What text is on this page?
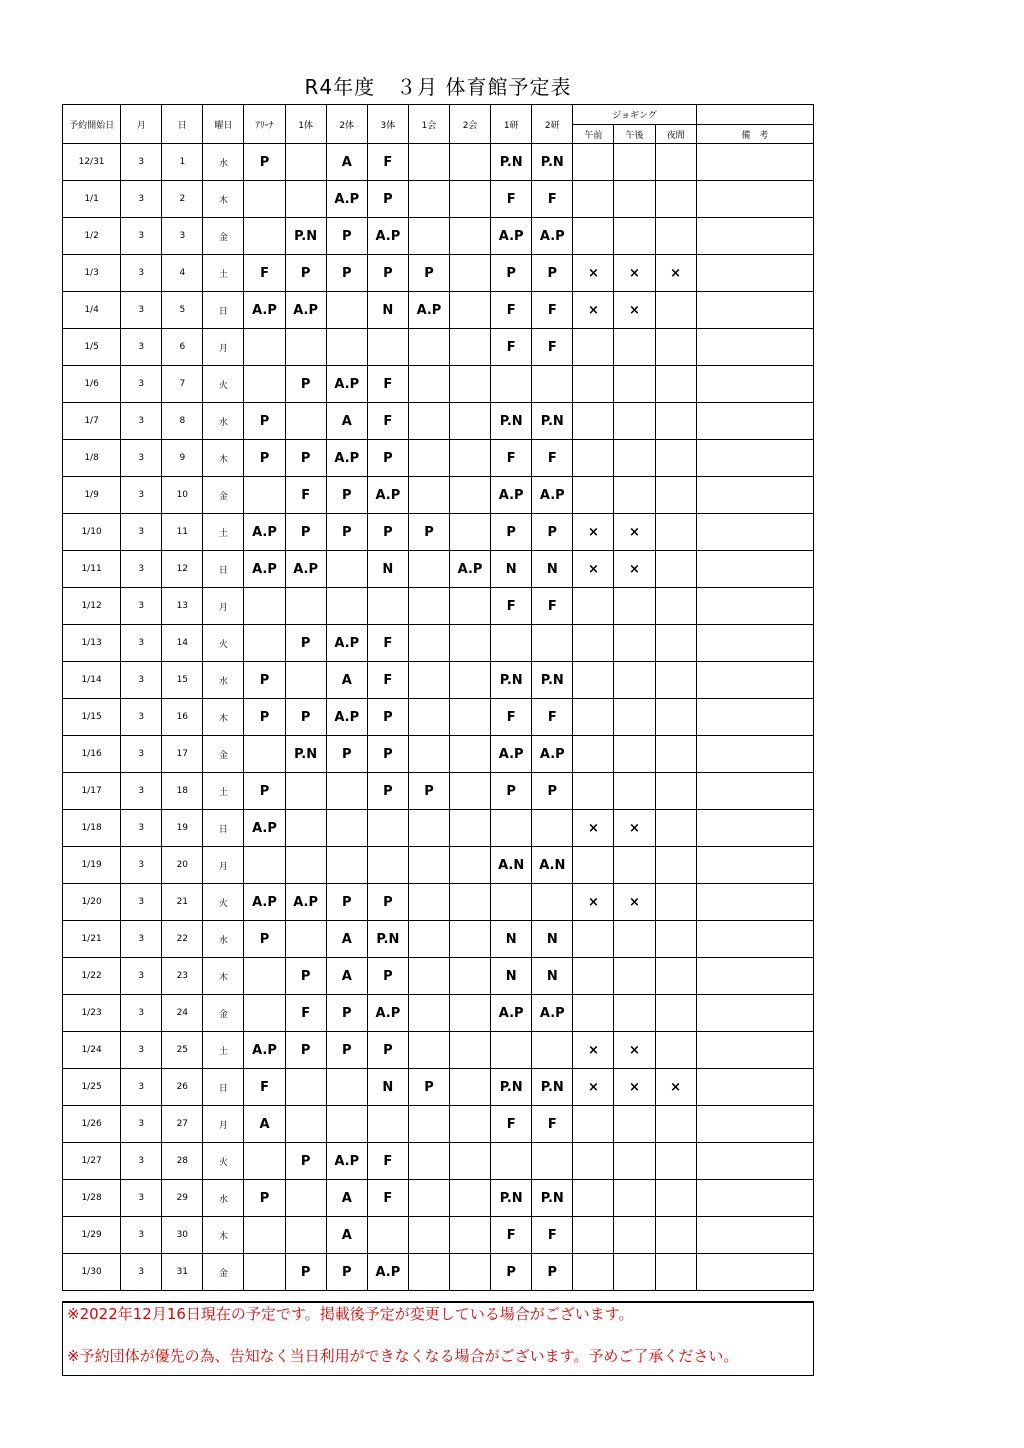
R4年度　３月 体育館予定表
予約開始日	月	日	曜日	ｱﾘｰﾅ	1体	2体	3体	1会	2会	1研	2研	ジョギング			
												午前	午後	夜間	備　考
12/31	3	1	水	P		A	F			P.N	P.N				
1/1	3	2	木			A.P	P			F	F				
1/2	3	3	金		P.N	P	A.P			A.P	A.P				
1/3	3	4	土	F	P	P	P	P		P	P	×	×	×	
1/4	3	5	日	A.P	A.P		N	A.P		F	F	×	×		
1/5	3	6	月							F	F				
1/6	3	7	火		P	A.P	F								
1/7	3	8	水	P		A	F			P.N	P.N				
1/8	3	9	木	P	P	A.P	P			F	F				
1/9	3	10	金		F	P	A.P			A.P	A.P				
1/10	3	11	土	A.P	P	P	P	P		P	P	×	×		
1/11	3	12	日	A.P	A.P		N		A.P	N	N	×	×		
1/12	3	13	月							F	F				
1/13	3	14	火		P	A.P	F								
1/14	3	15	水	P		A	F			P.N	P.N				
1/15	3	16	木	P	P	A.P	P			F	F				
1/16	3	17	金		P.N	P	P			A.P	A.P				
1/17	3	18	土	P			P	P		P	P				
1/18	3	19	日	A.P								×	×		
1/19	3	20	月							A.N	A.N				
1/20	3	21	火	A.P	A.P	P	P					×	×		
1/21	3	22	水	P		A	P.N			N	N				
1/22	3	23	木		P	A	P			N	N				
1/23	3	24	金		F	P	A.P			A.P	A.P				
1/24	3	25	土	A.P	P	P	P					×	×		
1/25	3	26	日	F			N	P		P.N	P.N	×	×	×	
1/26	3	27	月	A						F	F				
1/27	3	28	火		P	A.P	F								
1/28	3	29	水	P		A	F			P.N	P.N				
1/29	3	30	木			A				F	F				
1/30	3	31	金		P	P	A.P			P	P				
※2022年12月16日現在の予定です。掲載後予定が変更している場合がございます。
※予約団体が優先の為、告知なく当日利用ができなくなる場合がございます。予めご了承ください。
